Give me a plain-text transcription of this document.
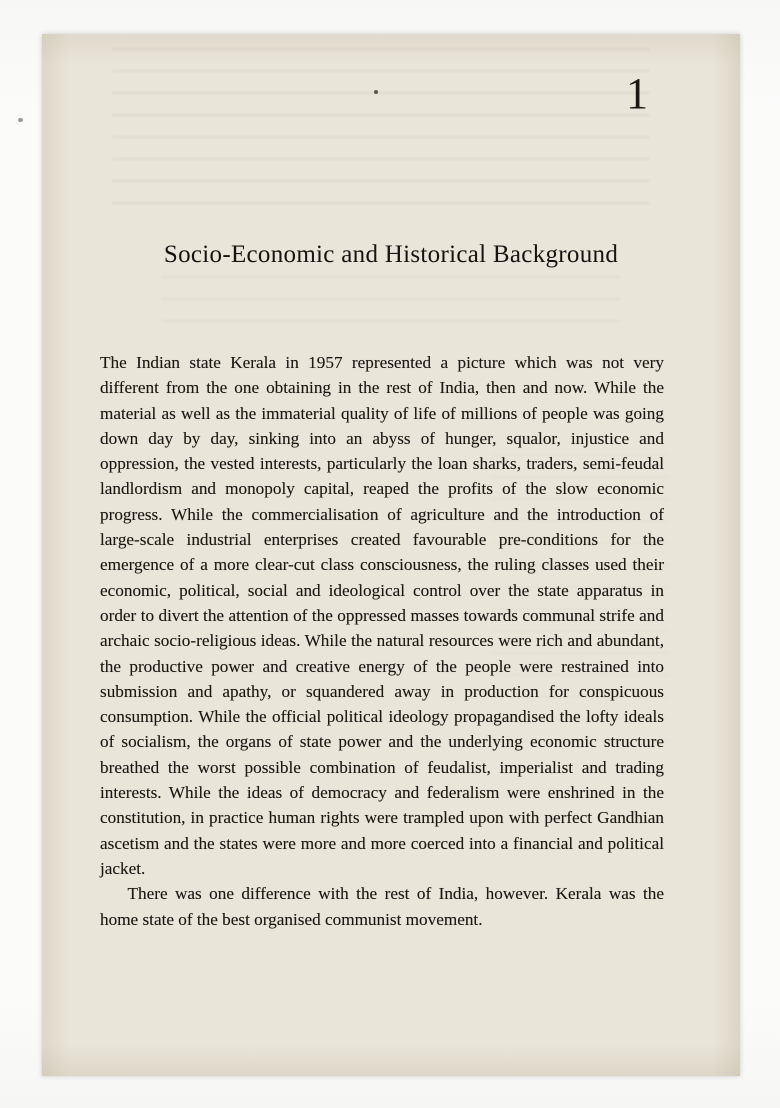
1
Socio-Economic and Historical Background

The Indian state Kerala in 1957 represented a picture which was not very different from the one obtaining in the rest of India, then and now. While the material as well as the immaterial quality of life of millions of people was going down day by day, sinking into an abyss of hunger, squalor, injustice and oppression, the vested interests, particularly the loan sharks, traders, semi-feudal landlordism and monopoly capital, reaped the profits of the slow economic progress. While the commercialisation of agriculture and the introduction of large-scale industrial enterprises created favourable pre-conditions for the emergence of a more clear-cut class consciousness, the ruling classes used their economic, political, social and ideological control over the state apparatus in order to divert the attention of the oppressed masses towards communal strife and archaic socio-religious ideas. While the natural resources were rich and abundant, the productive power and creative energy of the people were restrained into submission and apathy, or squandered away in production for conspicuous consumption. While the official political ideology propagandised the lofty ideals of socialism, the organs of state power and the underlying economic structure breathed the worst possible combination of feudalist, imperialist and trading interests. While the ideas of democracy and federalism were enshrined in the constitution, in practice human rights were trampled upon with perfect Gandhian ascetism and the states were more and more coerced into a financial and political jacket.

There was one difference with the rest of India, however. Kerala was the home state of the best organised communist movement.
